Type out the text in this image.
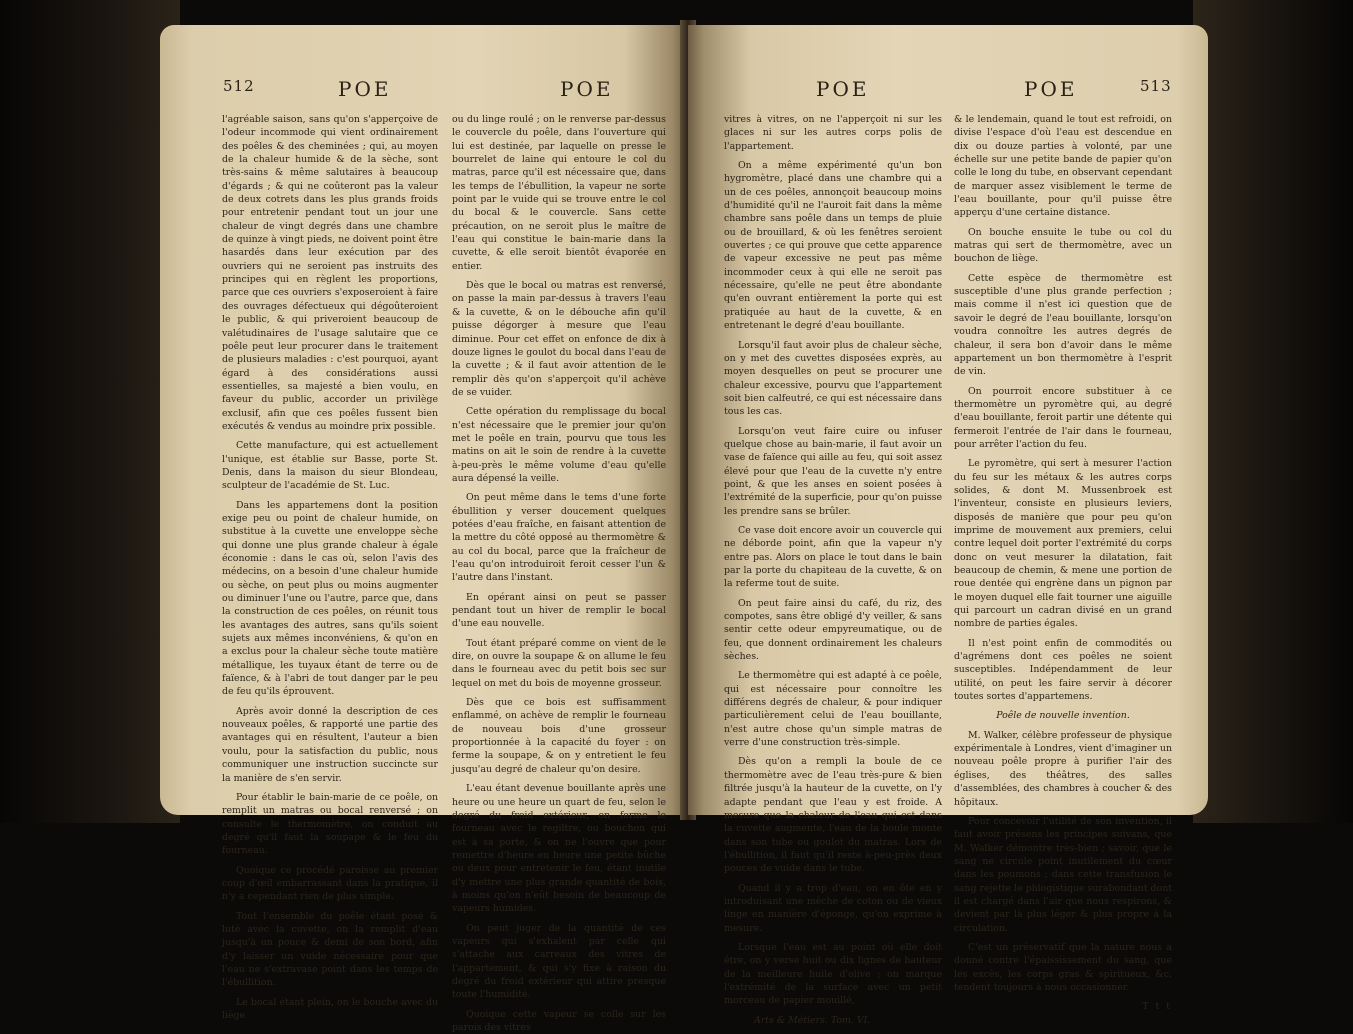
512	POE	POE

l'agréable saison, sans qu'on s'apperçoive de l'odeur incommode qui vient ordinairement des poêles & des cheminées ; qui, au moyen de la chaleur humide & de la sèche, sont très-sains & même salutaires à beaucoup d'égards ; & qui ne coûteront pas la valeur de deux cotrets dans les plus grands froids pour entretenir pendant tout un jour une chaleur de vingt degrés dans une chambre de quinze à vingt pieds, ne doivent point être hasardés dans leur exécution par des ouvriers qui ne seroient pas instruits des principes qui en règlent les proportions, parce que ces ouvriers s'exposeroient à faire des ouvrages défectueux qui dégoûteroient le public, & qui priveroient beaucoup de valétudinaires de l'usage salutaire que ce poêle peut leur procurer dans le traitement de plusieurs maladies : c'est pourquoi, ayant égard à des considérations aussi essentielles, sa majesté a bien voulu, en faveur du public, accorder un privilège exclusif, afin que ces poêles fussent bien exécutés & vendus au moindre prix possible.

Cette manufacture, qui est actuellement l'unique, est établie sur Basse, porte St. Denis, dans la maison du sieur Blondeau, sculpteur de l'académie de St. Luc.

Dans les appartemens dont la position exige peu ou point de chaleur humide, on substitue à la cuvette une enveloppe sèche qui donne une plus grande chaleur à égale économie : dans le cas où, selon l'avis des médecins, on a besoin d'une chaleur humide ou sèche, on peut plus ou moins augmenter ou diminuer l'une ou l'autre, parce que, dans la construction de ces poêles, on réunit tous les avantages des autres, sans qu'ils soient sujets aux mêmes inconvéniens, & qu'on en a exclus pour la chaleur sèche toute matière métallique, les tuyaux étant de terre ou de faïence, & à l'abri de tout danger par le peu de feu qu'ils éprouvent.

Après avoir donné la description de ces nouveaux poêles, & rapporté une partie des avantages qui en résultent, l'auteur a bien voulu, pour la satisfaction du public, nous communiquer une instruction succincte sur la manière de s'en servir.

Pour établir le bain-marie de ce poêle, on remplit un matras ou bocal renversé ; on consulte le thermomètre, on conduit au degré qu'il faut la soupape & le feu du fourneau.

Quoique ce procédé paroisse au premier coup d'œil embarrassant dans la pratique, il n'y a cependant rien de plus simple.

Tout l'ensemble du poêle étant posé & luté avec la cuvette, on la remplit d'eau jusqu'à un pouce & demi de son bord, afin d'y laisser un vuide nécessaire pour que l'eau ne s'extravase point dans les temps de l'ébullition.

Le bocal étant plein, on le bouche avec du liège

ou du linge roulé ; on le renverse par-dessus le couvercle du poêle, dans l'ouverture qui lui est destinée, par laquelle on presse le bourrelet de laine qui entoure le col du matras, parce qu'il est nécessaire que, dans les temps de l'ébullition, la vapeur ne sorte point par le vuide qui se trouve entre le col du bocal & le couvercle. Sans cette précaution, on ne seroit plus le maître de l'eau qui constitue le bain-marie dans la cuvette, & elle seroit bientôt évaporée en entier.

Dès que le bocal ou matras est renversé, on passe la main par-dessus à travers l'eau & la cuvette, & on le débouche afin qu'il puisse dégorger à mesure que l'eau diminue. Pour cet effet on enfonce de dix à douze lignes le goulot du bocal dans l'eau de la cuvette ; & il faut avoir attention de le remplir dès qu'on s'apperçoit qu'il achève de se vuider.

Cette opération du remplissage du bocal n'est nécessaire que le premier jour qu'on met le poêle en train, pourvu que tous les matins on ait le soin de rendre à la cuvette à-peu-près le même volume d'eau qu'elle aura dépensé la veille.

On peut même dans le tems d'une forte ébullition y verser doucement quelques potées d'eau fraîche, en faisant attention de la mettre du côté opposé au thermomètre & au col du bocal, parce que la fraîcheur de l'eau qu'on introduiroit feroit cesser l'un & l'autre dans l'instant.

En opérant ainsi on peut se passer pendant tout un hiver de remplir le bocal d'une eau nouvelle.

Tout étant préparé comme on vient de le dire, on ouvre la soupape & on allume le feu dans le fourneau avec du petit bois sec sur lequel on met du bois de moyenne grosseur.

Dès que ce bois est suffisamment enflammé, on achève de remplir le fourneau de nouveau bois d'une grosseur proportionnée à la capacité du foyer : on ferme la soupape, & on y entretient le feu jusqu'au degré de chaleur qu'on desire.

L'eau étant devenue bouillante après une heure ou une heure un quart de feu, selon le degré du froid extérieur, on ferme le fourneau avec le regiltre, ou bouchon qui est à sa porte, & on ne l'ouvre que pour remettre d'heure en heure une petite bûche ou deux pour entretenir le feu, étant inutile d'y mettre une plus grande quantité de bois, à moins qu'on n'eût besoin de beaucoup de vapeurs humides.

On peut juger de la quantité de ces vapeurs qui s'exhalent par celle qui s'attache aux carreaux des vitres de l'appartement, & qui s'y fixe à raison du degré du froid extérieur qui attire presque toute l'humidité.

Quoique cette vapeur se colle sur les parois des vitres

POE	POE	513

vitres à vitres, on ne l'apperçoit ni sur les glaces ni sur les autres corps polis de l'appartement.

On a même expérimenté qu'un bon hygromètre, placé dans une chambre qui a un de ces poêles, annonçoit beaucoup moins d'humidité qu'il ne l'auroit fait dans la même chambre sans poêle dans un temps de pluie ou de brouillard, & où les fenêtres seroient ouvertes ; ce qui prouve que cette apparence de vapeur excessive ne peut pas même incommoder ceux à qui elle ne seroit pas nécessaire, qu'elle ne peut être abondante qu'en ouvrant entièrement la porte qui est pratiquée au haut de la cuvette, & en entretenant le degré d'eau bouillante.

Lorsqu'il faut avoir plus de chaleur sèche, on y met des cuvettes disposées exprès, au moyen desquelles on peut se procurer une chaleur excessive, pourvu que l'appartement soit bien calfeutré, ce qui est nécessaire dans tous les cas.

Lorsqu'on veut faire cuire ou infuser quelque chose au bain-marie, il faut avoir un vase de faïence qui aille au feu, qui soit assez élevé pour que l'eau de la cuvette n'y entre point, & que les anses en soient posées à l'extrémité de la superficie, pour qu'on puisse les prendre sans se brûler.

Ce vase doit encore avoir un couvercle qui ne déborde point, afin que la vapeur n'y entre pas. Alors on place le tout dans le bain par la porte du chapiteau de la cuvette, & on la referme tout de suite.

On peut faire ainsi du café, du riz, des compotes, sans être obligé d'y veiller, & sans sentir cette odeur empyreumatique, ou de feu, que donnent ordinairement les chaleurs sèches.

Le thermomètre qui est adapté à ce poêle, qui est nécessaire pour connoître les différens degrés de chaleur, & pour indiquer particulièrement celui de l'eau bouillante, n'est autre chose qu'un simple matras de verre d'une construction très-simple.

Dès qu'on a rempli la boule de ce thermomètre avec de l'eau très-pure & bien filtrée jusqu'à la hauteur de la cuvette, on l'y adapte pendant que l'eau y est froide. A mesure que la chaleur de l'eau qui est dans la cuvette augmente, l'eau de la boule monte dans son tube ou goulot du matras. Lors de l'ébullition, il faut qu'il reste à-peu-près deux pouces de vuide dans le tube.

Quand il y a trop d'eau, on en ôte en y introduisant une mèche de coton ou de vieux linge en manière d'éponge, qu'on exprime à mesure.

Lorsque l'eau est au point où elle doit être, on y verse huit ou dix lignes de hauteur de la meilleure huile d'olive ; on marque l'extrémité de la surface avec un petit morceau de papier mouillé,

Arts & Métiers. Tom. VI.

& le lendemain, quand le tout est refroidi, on divise l'espace d'où l'eau est descendue en dix ou douze parties à volonté, par une échelle sur une petite bande de papier qu'on colle le long du tube, en observant cependant de marquer assez visiblement le terme de l'eau bouillante, pour qu'il puisse être apperçu d'une certaine distance.

On bouche ensuite le tube ou col du matras qui sert de thermomètre, avec un bouchon de liège.

Cette espèce de thermomètre est susceptible d'une plus grande perfection ; mais comme il n'est ici question que de savoir le degré de l'eau bouillante, lorsqu'on voudra connoître les autres degrés de chaleur, il sera bon d'avoir dans le même appartement un bon thermomètre à l'esprit de vin.

On pourroit encore substituer à ce thermomètre un pyromètre qui, au degré d'eau bouillante, feroit partir une détente qui fermeroit l'entrée de l'air dans le fourneau, pour arrêter l'action du feu.

Le pyromètre, qui sert à mesurer l'action du feu sur les métaux & les autres corps solides, & dont M. Mussenbroek est l'inventeur, consiste en plusieurs leviers, disposés de manière que pour peu qu'on imprime de mouvement aux premiers, celui contre lequel doit porter l'extrémité du corps donc on veut mesurer la dilatation, fait beaucoup de chemin, & mene une portion de roue dentée qui engrène dans un pignon par le moyen duquel elle fait tourner une aiguille qui parcourt un cadran divisé en un grand nombre de parties égales.

Il n'est point enfin de commodités ou d'agrémens dont ces poêles ne soient susceptibles. Indépendamment de leur utilité, on peut les faire servir à décorer toutes sortes d'appartemens.

Poêle de nouvelle invention.

M. Walker, célèbre professeur de physique expérimentale à Londres, vient d'imaginer un nouveau poêle propre à purifier l'air des églises, des théâtres, des salles d'assemblées, des chambres à coucher & des hôpitaux.

Pour concevoir l'utilité de son invention, il faut avoir présens les principes suivans, que M. Walker démontre très-bien ; savoir, que le sang ne circule point inutilement du cœur dans les poumons ; dans cette transfusion le sang rejette le phlogistique surabondant dont il est chargé dans l'air que nous respirons, & devient par là plus léger & plus propre à la circulation.

C'est un préservatif que la nature nous a donné contre l'épaississement du sang, que les excès, les corps gras & spiritueux, &c. tendent toujours à nous occasionner.

T t t
